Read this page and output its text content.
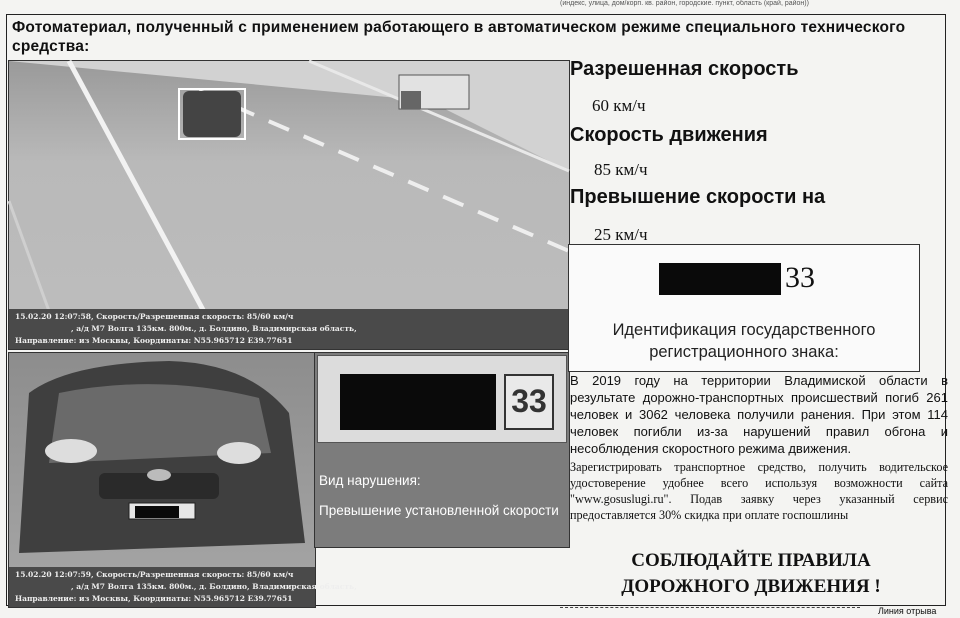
(индекс, улица, дом/корп. кв. район, городские. пункт, область (край, район))
Фотоматериал, полученный с применением работающего в автоматическом режиме специального технического средства:
15.02.20 12:07:58, Скорость/Разрешенная скорость: 85/60 км/ч
, а/д М7 Волга 135км. 800м., д. Болдино, Владимирская область,
Направление: из Москвы, Координаты: N55.965712 E39.77651
15.02.20 12:07:59, Скорость/Разрешенная скорость: 85/60 км/ч
, а/д М7 Волга 135км. 800м., д. Болдино, Владимирская область,
Направление: из Москвы, Координаты: N55.965712 E39.77651
33
Вид нарушения:
Превышение установленной скорости
Разрешенная скорость
60 км/ч
Скорость движения
85 км/ч
Превышение скорости на
25 км/ч
33
Идентификация государственного регистрационного знака:
В 2019 году на территории Владимиской области в результате дорожно-транспортных происшествий погиб 261 человек и 3062 человека получили ранения. При этом 114 человек погибли из-за нарушений правил обгона и несоблюдения скоростного режима движения.
Зарегистрировать транспортное средство, получить водительское удостоверение удобнее всего используя возможности сайта "www.gosuslugi.ru". Подав заявку через указанный сервис предоставляется 30% скидка при оплате госпошлины
СОБЛЮДАЙТЕ ПРАВИЛА ДОРОЖНОГО ДВИЖЕНИЯ !
Линия отрыва
